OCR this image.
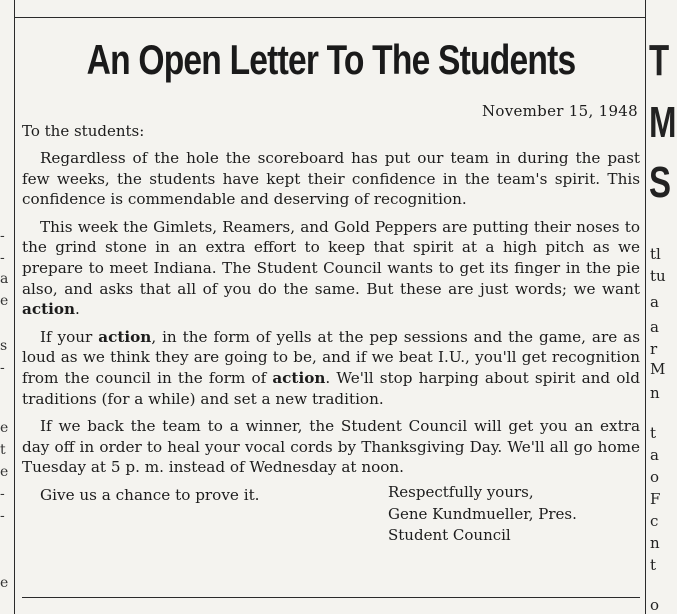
-
-
a
e
s
-
e
t
e
-
-
e
T
M
S
tl
tu
a
a
r
M
n
t
a
o
F
c
n
t
o
An Open Letter To The Students
November 15, 1948
To the students:

Regardless of the hole the scoreboard has put our team in during the past few weeks, the students have kept their confidence in the team's spirit. This confidence is commendable and deserving of recognition.

This week the Gimlets, Reamers, and Gold Peppers are putting their noses to the grind stone in an extra effort to keep that spirit at a high pitch as we prepare to meet Indiana. The Student Council wants to get its finger in the pie also, and asks that all of you do the same. But these are just words; we want action.

If your action, in the form of yells at the pep sessions and the game, are as loud as we think they are going to be, and if we beat I.U., you'll get recognition from the council in the form of action. We'll stop harping about spirit and old traditions (for a while) and set a new tradition.

If we back the team to a winner, the Student Council will get you an extra day off in order to heal your vocal cords by Thanksgiving Day. We'll all go home Tuesday at 5 p. m. instead of Wednesday at noon.

Give us a chance to prove it.	Respectfully yours,
Gene Kundmueller, Pres.
Student Council
